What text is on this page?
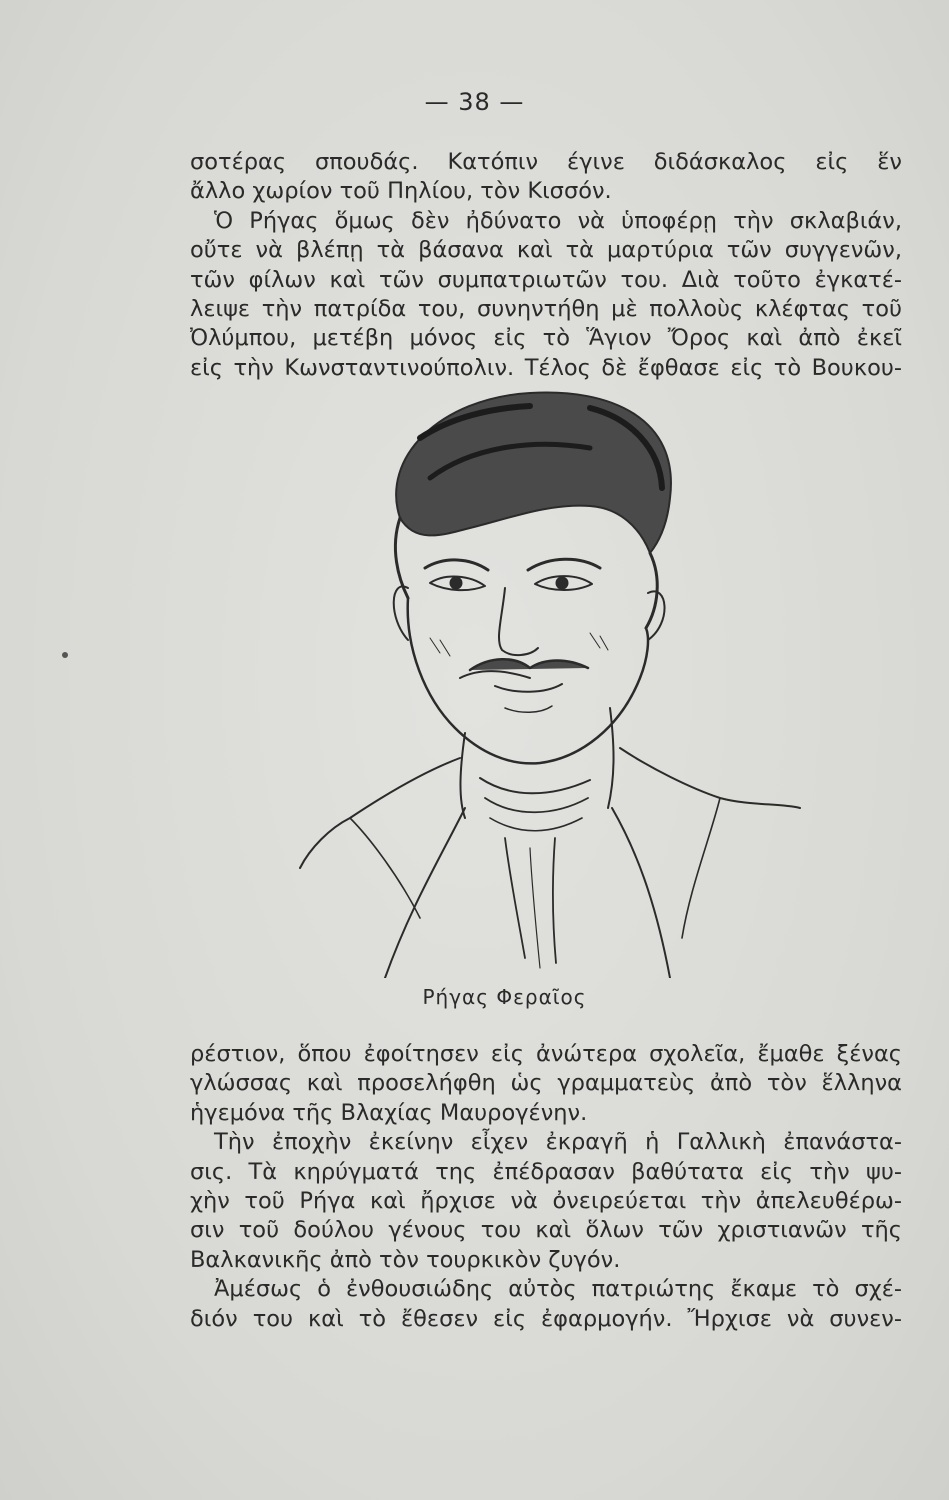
— 38 —
σοτέρας σπουδάς. Κατόπιν έγινε διδάσκαλος εἰς ἕν
ἄλλο χωρίον τοῦ Πηλίου, τὸν Κισσόν.
Ὁ Ρήγας ὅμως δὲν ἠδύνατο νὰ ὑποφέρῃ τὴν σκλαβιάν,
οὔτε νὰ βλέπῃ τὰ βάσανα καὶ τὰ μαρτύρια τῶν συγγενῶν,
τῶν φίλων καὶ τῶν συμπατριωτῶν του. Διὰ τοῦτο ἐγκατέ-
λειψε τὴν πατρίδα του, συνηντήθη μὲ πολλοὺς κλέφτας τοῦ
Ὀλύμπου, μετέβη μόνος εἰς τὸ Ἅγιον Ὄρος καὶ ἀπὸ ἐκεῖ
εἰς τὴν Κωνσταντινούπολιν. Τέλος δὲ ἔφθασε εἰς τὸ Βουκου-
Ρήγας Φεραῖος
ρέστιον, ὅπου ἐφοίτησεν εἰς ἀνώτερα σχολεῖα, ἔμαθε ξένας
γλώσσας καὶ προσελήφθη ὡς γραμματεὺς ἀπὸ τὸν ἕλληνα
ἡγεμόνα τῆς Βλαχίας Μαυρογένην.
Τὴν ἐποχὴν ἐκείνην εἶχεν ἐκραγῆ ἡ Γαλλικὴ ἐπανάστα-
σις. Τὰ κηρύγματά της ἐπέδρασαν βαθύτατα εἰς τὴν ψυ-
χὴν τοῦ Ρήγα καὶ ἤρχισε νὰ ὀνειρεύεται τὴν ἀπελευθέρω-
σιν τοῦ δούλου γένους του καὶ ὅλων τῶν χριστιανῶν τῆς
Βαλκανικῆς ἀπὸ τὸν τουρκικὸν ζυγόν.
Ἀμέσως ὁ ἐνθουσιώδης αὐτὸς πατριώτης ἔκαμε τὸ σχέ-
διόν του καὶ τὸ ἔθεσεν εἰς ἐφαρμογήν. Ἤρχισε νὰ συνεν-
